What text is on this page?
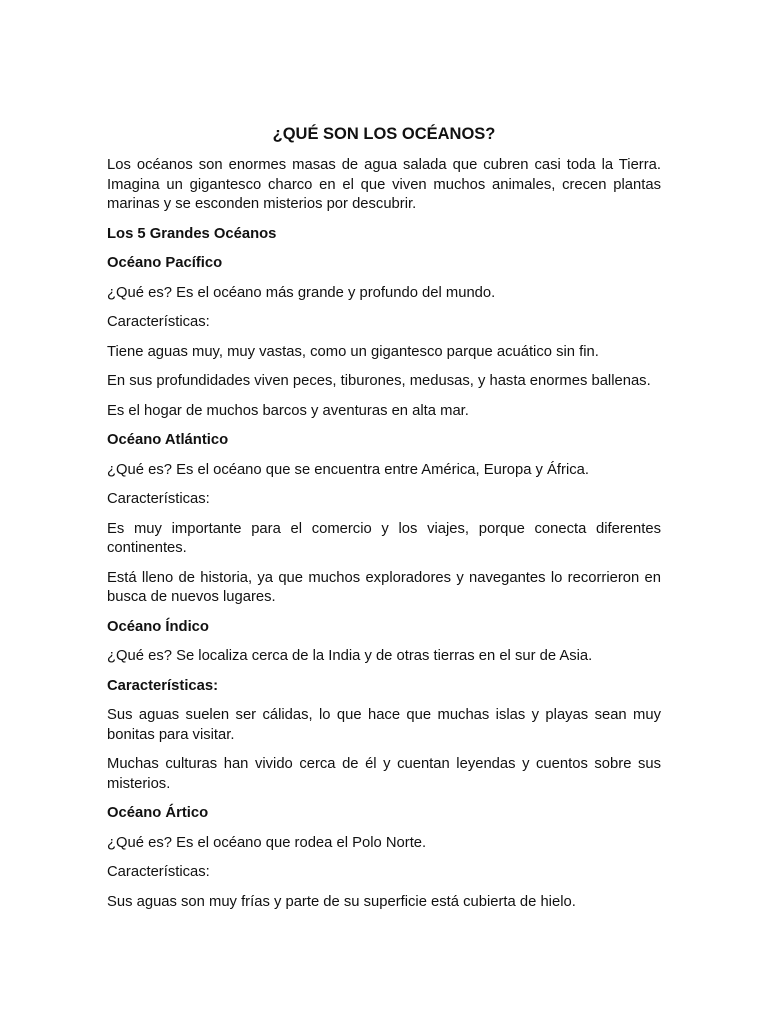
¿QUÉ SON LOS OCÉANOS?
Los océanos son enormes masas de agua salada que cubren casi toda la Tierra. Imagina un gigantesco charco en el que viven muchos animales, crecen plantas marinas y se esconden misterios por descubrir.
Los 5 Grandes Océanos
Océano Pacífico
¿Qué es? Es el océano más grande y profundo del mundo.
Características:
Tiene aguas muy, muy vastas, como un gigantesco parque acuático sin fin.
En sus profundidades viven peces, tiburones, medusas, y hasta enormes ballenas.
Es el hogar de muchos barcos y aventuras en alta mar.
Océano Atlántico
¿Qué es? Es el océano que se encuentra entre América, Europa y África.
Características:
Es muy importante para el comercio y los viajes, porque conecta diferentes continentes.
Está lleno de historia, ya que muchos exploradores y navegantes lo recorrieron en busca de nuevos lugares.
Océano Índico
¿Qué es? Se localiza cerca de la India y de otras tierras en el sur de Asia.
Características:
Sus aguas suelen ser cálidas, lo que hace que muchas islas y playas sean muy bonitas para visitar.
Muchas culturas han vivido cerca de él y cuentan leyendas y cuentos sobre sus misterios.
Océano Ártico
¿Qué es? Es el océano que rodea el Polo Norte.
Características:
Sus aguas son muy frías y parte de su superficie está cubierta de hielo.
